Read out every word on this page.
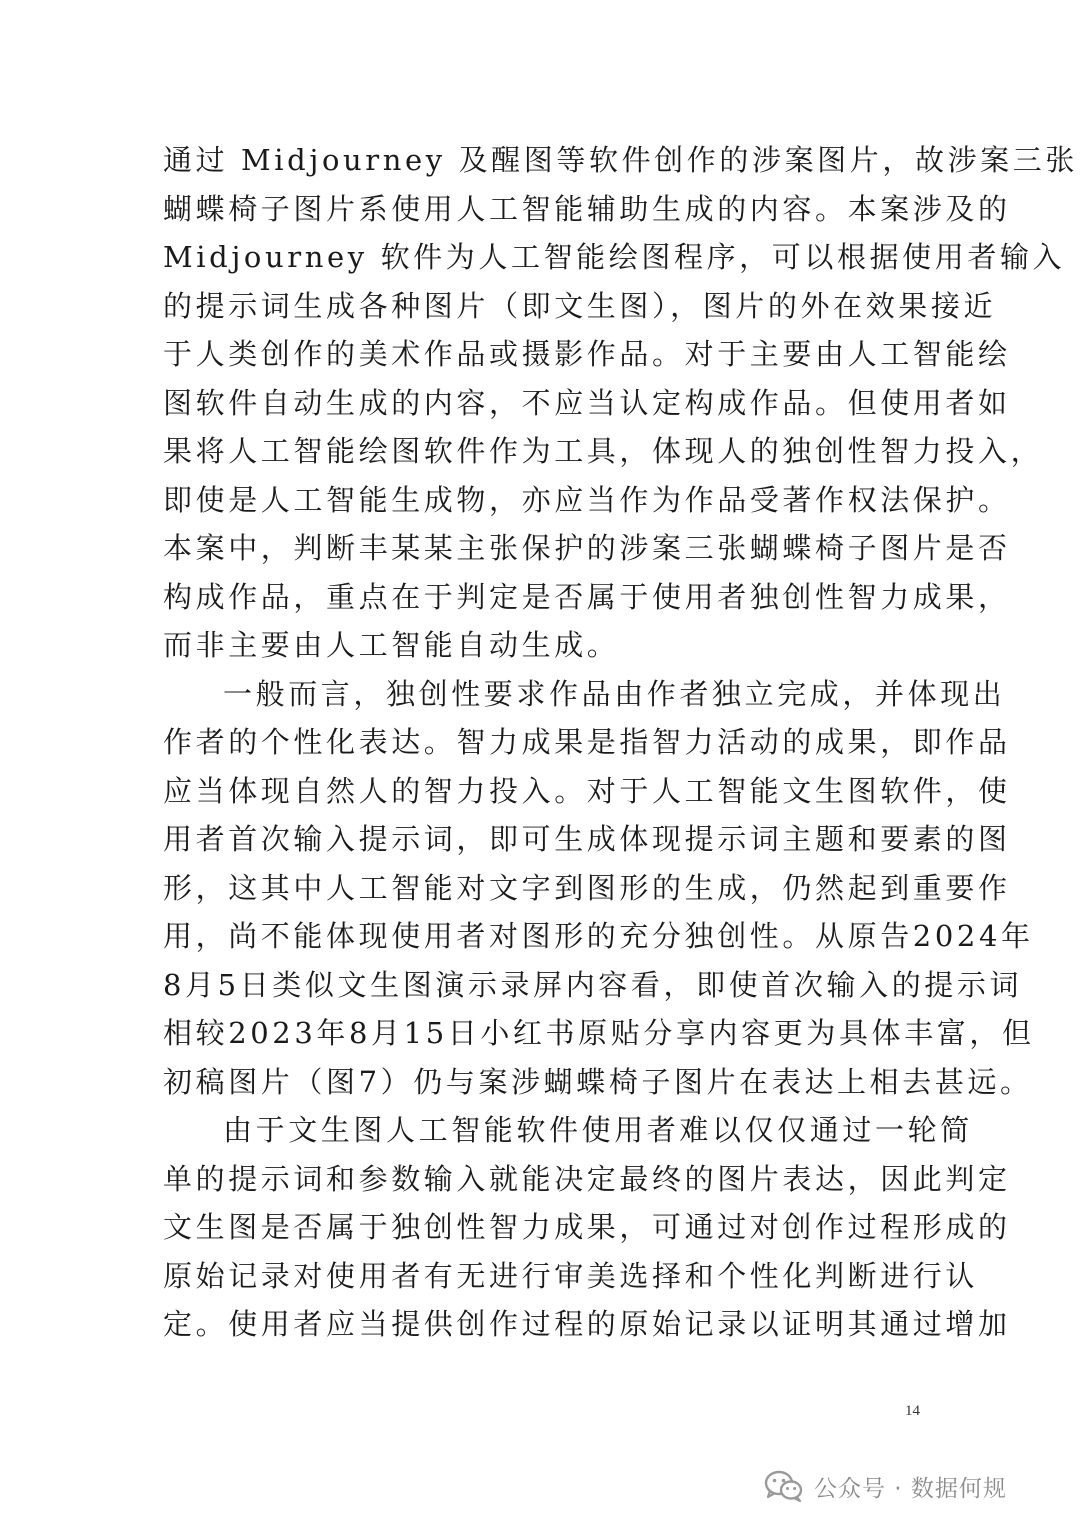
通过 Midjourney 及醒图等软件创作的涉案图片，故涉案三张
蝴蝶椅子图片系使用人工智能辅助生成的内容。本案涉及的
Midjourney 软件为人工智能绘图程序，可以根据使用者输入
的提示词生成各种图片（即文生图），图片的外在效果接近
于人类创作的美术作品或摄影作品。对于主要由人工智能绘
图软件自动生成的内容，不应当认定构成作品。但使用者如
果将人工智能绘图软件作为工具，体现人的独创性智力投入，
即使是人工智能生成物，亦应当作为作品受著作权法保护。
本案中，判断丰某某主张保护的涉案三张蝴蝶椅子图片是否
构成作品，重点在于判定是否属于使用者独创性智力成果，
而非主要由人工智能自动生成。
一般而言，独创性要求作品由作者独立完成，并体现出
作者的个性化表达。智力成果是指智力活动的成果，即作品
应当体现自然人的智力投入。对于人工智能文生图软件，使
用者首次输入提示词，即可生成体现提示词主题和要素的图
形，这其中人工智能对文字到图形的生成，仍然起到重要作
用，尚不能体现使用者对图形的充分独创性。从原告2024年
8月5日类似文生图演示录屏内容看，即使首次输入的提示词
相较2023年8月15日小红书原贴分享内容更为具体丰富，但
初稿图片（图7）仍与案涉蝴蝶椅子图片在表达上相去甚远。
由于文生图人工智能软件使用者难以仅仅通过一轮简
单的提示词和参数输入就能决定最终的图片表达，因此判定
文生图是否属于独创性智力成果，可通过对创作过程形成的
原始记录对使用者有无进行审美选择和个性化判断进行认
定。使用者应当提供创作过程的原始记录以证明其通过增加
14
公众号 · 数据何规
